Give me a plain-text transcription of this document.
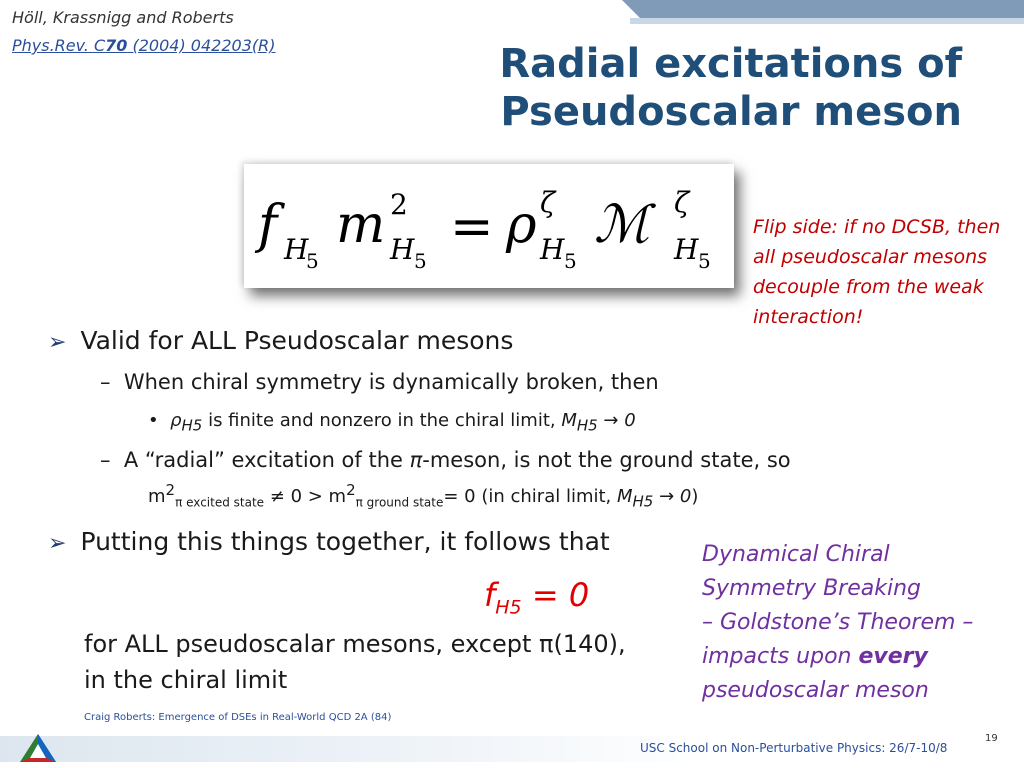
Höll, Krassnigg and Roberts
Phys.Rev. C70 (2004) 042203(R)	Radial excitations of
Pseudoscalar meson
f H
5
m 2
H 5
= ρ ζ
H 5
ℳ ζ
H 5
Flip side: if no DCSB, then all pseudoscalar mesons decouple from the weak interaction!
➢ Valid for ALL Pseudoscalar mesons
– When chiral symmetry is dynamically broken, then
• $\rho_{H5}$ is finite and nonzero in the chiral limit, $M_{H5} \to 0$
– A “radial” excitation of the π-meson, is not the ground state, so
$m^2_{\pi excited state} \ne 0 > m^2_{\pi ground state}= 0$ (in chiral limit, $M_{H5} \to 0$)
➢ Putting this things together, it follows that
$f_{H5} = 0$
for ALL pseudoscalar mesons, except π(140),
in the chiral limit
Dynamical Chiral
Symmetry Breaking
– Goldstone’s Theorem –
impacts upon every
pseudoscalar meson
Craig Roberts: Emergence of DSEs in Real-World QCD 2A (84)
19
USC School on Non-Perturbative Physics: 26/7-10/8
